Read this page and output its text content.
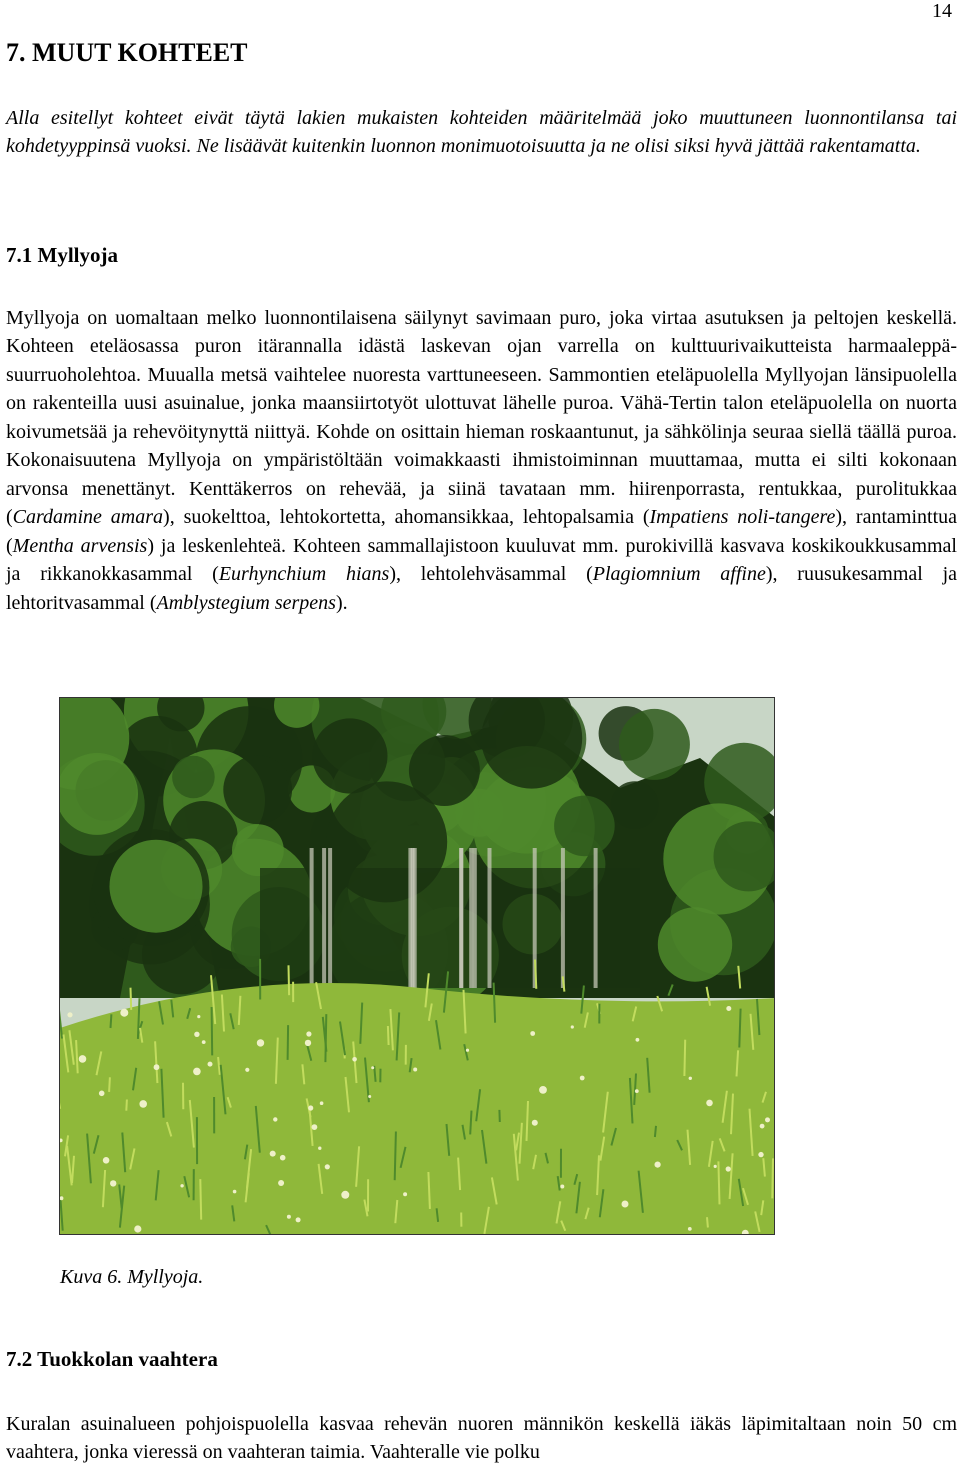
14
7. MUUT KOHTEET

Alla esitellyt kohteet eivät täytä lakien mukaisten kohteiden määritelmää joko muuttuneen luonnontilansa tai kohdetyyppinsä vuoksi. Ne lisäävät kuitenkin luonnon monimuotoisuutta ja ne olisi siksi hyvä jättää rakentamatta.

7.1 Myllyoja

Myllyoja on uomaltaan melko luonnontilaisena säilynyt savimaan puro, joka virtaa asutuksen ja peltojen keskellä. Kohteen eteläosassa puron itärannalla idästä laskevan ojan varrella on kulttuurivaikutteista harmaaleppä-suurruoholehtoa. Muualla metsä vaihtelee nuoresta varttuneeseen. Sammontien eteläpuolella Myllyojan länsipuolella on rakenteilla uusi asuinalue, jonka maansiirtotyöt ulottuvat lähelle puroa. Vähä-Tertin talon eteläpuolella on nuorta koivumetsää ja rehevöitynyttä niittyä. Kohde on osittain hieman roskaantunut, ja sähkölinja seuraa siellä täällä puroa. Kokonaisuutena Myllyoja on ympäristöltään voimakkaasti ihmistoiminnan muuttamaa, mutta ei silti kokonaan arvonsa menettänyt. Kenttäkerros on rehevää, ja siinä tavataan mm. hiirenporrasta, rentukkaa, purolitukkaa (Cardamine amara), suokelttoa, lehtokortetta, ahomansikkaa, lehtopalsamia (Impatiens noli-tangere), rantaminttua (Mentha arvensis) ja leskenlehteä. Kohteen sammallajistoon kuuluvat mm. purokivillä kasvava koskikoukkusammal ja rikkanokkasammal (Eurhynchium hians), lehtolehväsammal (Plagiomnium affine), ruusukesammal ja lehtoritvasammal (Amblystegium serpens).

Kuva 6. Myllyoja.

7.2 Tuokkolan vaahtera

Kuralan asuinalueen pohjoispuolella kasvaa rehevän nuoren männikön keskellä iäkäs läpimitaltaan noin 50 cm vaahtera, jonka vieressä on vaahteran taimia. Vaahteralle vie polku
